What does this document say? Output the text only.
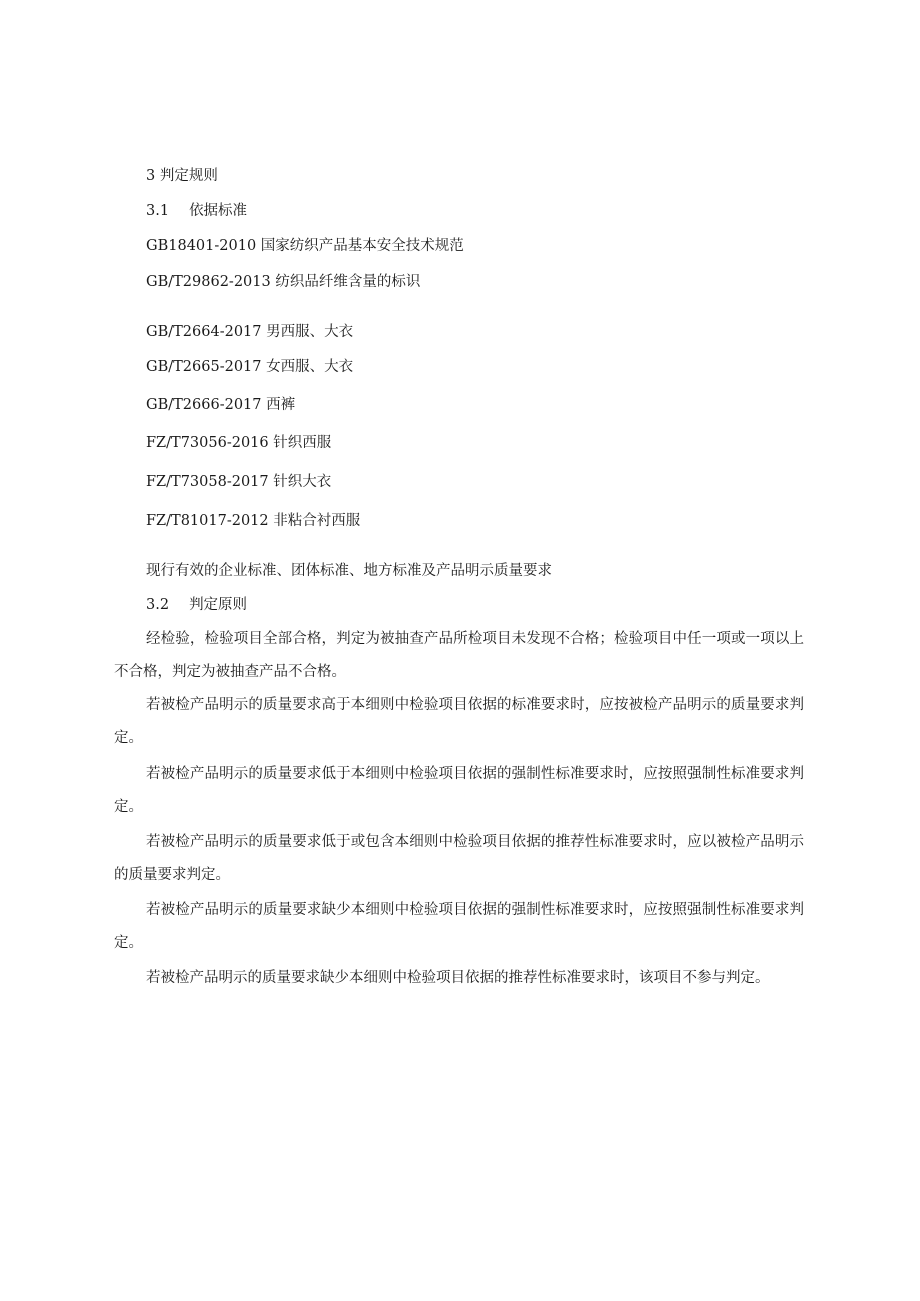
3 判定规则
3.1 依据标准
GB18401-2010 国家纺织产品基本安全技术规范
GB/T29862-2013 纺织品纤维含量的标识
GB/T2664-2017 男西服、大衣
GB/T2665-2017 女西服、大衣
GB/T2666-2017 西裤
FZ/T73056-2016 针织西服
FZ/T73058-2017 针织大衣
FZ/T81017-2012 非粘合衬西服
现行有效的企业标准、团体标准、地方标准及产品明示质量要求
3.2 判定原则
经检验，检验项目全部合格，判定为被抽查产品所检项目未发现不合格；检验项目中任一项或一项以上不合格，判定为被抽查产品不合格。
若被检产品明示的质量要求高于本细则中检验项目依据的标准要求时，应按被检产品明示的质量要求判定。
若被检产品明示的质量要求低于本细则中检验项目依据的强制性标准要求时，应按照强制性标准要求判定。
若被检产品明示的质量要求低于或包含本细则中检验项目依据的推荐性标准要求时，应以被检产品明示的质量要求判定。
若被检产品明示的质量要求缺少本细则中检验项目依据的强制性标准要求时，应按照强制性标准要求判定。
若被检产品明示的质量要求缺少本细则中检验项目依据的推荐性标准要求时，该项目不参与判定。
